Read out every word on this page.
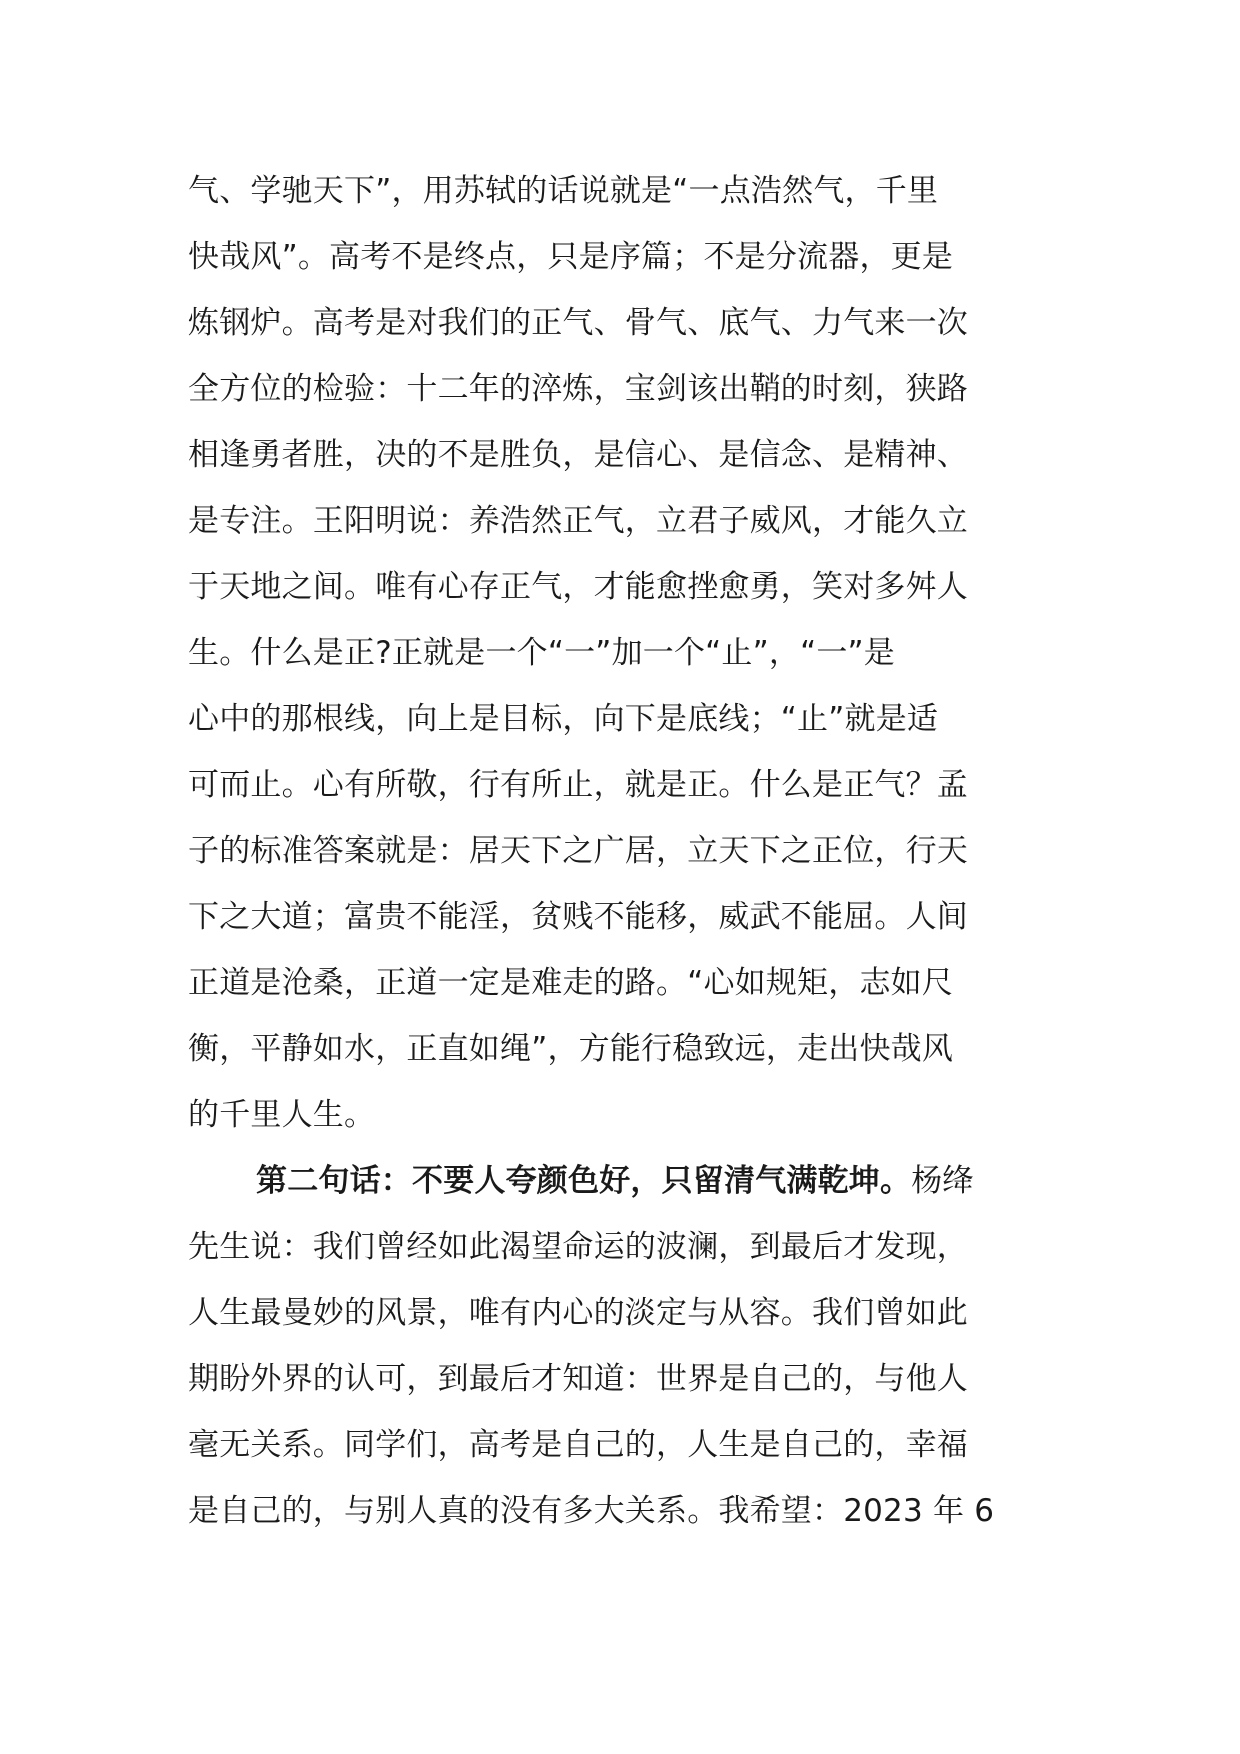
气、学驰天下”，用苏轼的话说就是“一点浩然气，千里
快哉风”。高考不是终点，只是序篇；不是分流器，更是
炼钢炉。高考是对我们的正气、骨气、底气、力气来一次
全方位的检验：十二年的淬炼，宝剑该出鞘的时刻，狭路
相逢勇者胜，决的不是胜负，是信心、是信念、是精神、
是专注。王阳明说：养浩然正气，立君子威风，才能久立
于天地之间。唯有心存正气，才能愈挫愈勇，笑对多舛人
生。什么是正?正就是一个“一”加一个“止”，“一”是
心中的那根线，向上是目标，向下是底线；“止”就是适
可而止。心有所敬，行有所止，就是正。什么是正气？孟
子的标准答案就是：居天下之广居，立天下之正位，行天
下之大道；富贵不能淫，贫贱不能移，威武不能屈。人间
正道是沧桑，正道一定是难走的路。“心如规矩，志如尺
衡，平静如水，正直如绳”，方能行稳致远，走出快哉风
的千里人生。
第二句话：不要人夸颜色好，只留清气满乾坤。杨绛
先生说：我们曾经如此渴望命运的波澜，到最后才发现，
人生最曼妙的风景，唯有内心的淡定与从容。我们曾如此
期盼外界的认可，到最后才知道：世界是自己的，与他人
毫无关系。同学们，高考是自己的，人生是自己的，幸福
是自己的，与别人真的没有多大关系。我希望：2023 年 6
